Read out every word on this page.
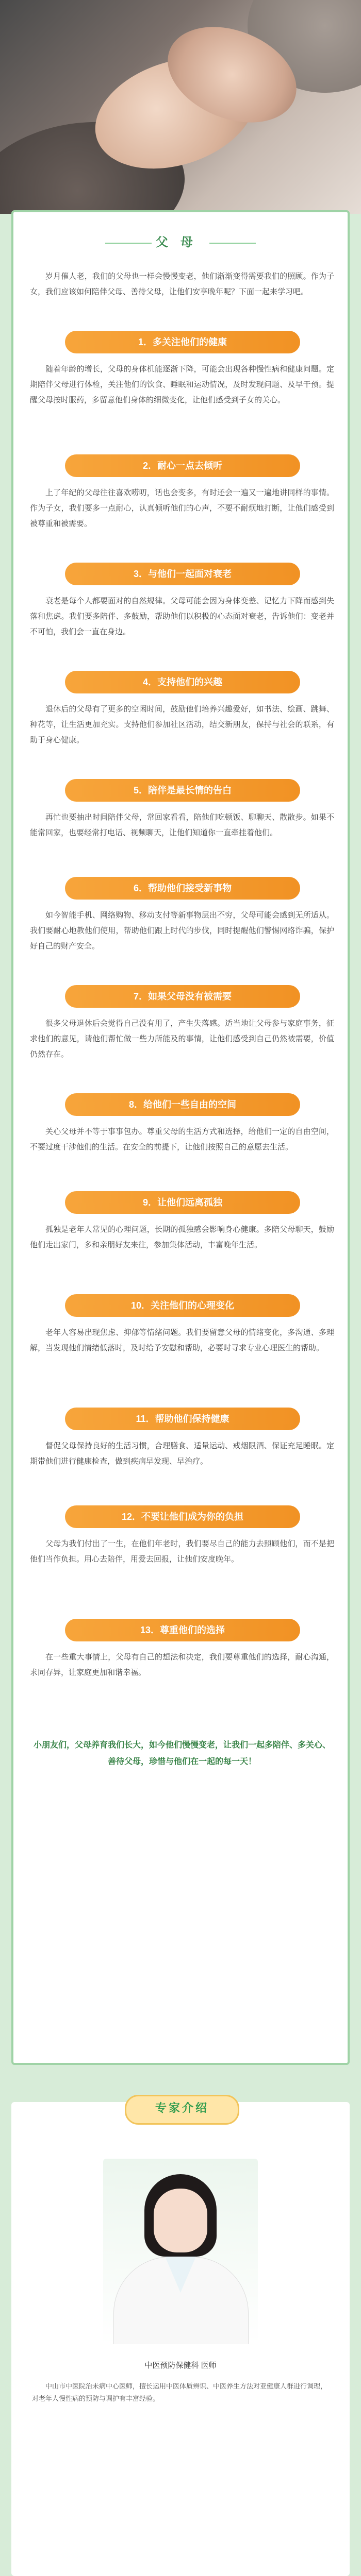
父母
岁月催人老，我们的父母也一样会慢慢变老，他们渐渐变得需要我们的照顾。作为子女，我们应该如何陪伴父母、善待父母，让他们安享晚年呢？下面一起来学习吧。
1．多关注他们的健康
随着年龄的增长，父母的身体机能逐渐下降，可能会出现各种慢性病和健康问题。定期陪伴父母进行体检，关注他们的饮食、睡眠和运动情况，及时发现问题、及早干预。提醒父母按时服药，多留意他们身体的细微变化，让他们感受到子女的关心。
2．耐心一点去倾听
上了年纪的父母往往喜欢唠叨，话也会变多，有时还会一遍又一遍地讲同样的事情。作为子女，我们要多一点耐心，认真倾听他们的心声，不要不耐烦地打断，让他们感受到被尊重和被需要。
3．与他们一起面对衰老
衰老是每个人都要面对的自然规律。父母可能会因为身体变差、记忆力下降而感到失落和焦虑。我们要多陪伴、多鼓励，帮助他们以积极的心态面对衰老，告诉他们：变老并不可怕，我们会一直在身边。
4．支持他们的兴趣
退休后的父母有了更多的空闲时间，鼓励他们培养兴趣爱好，如书法、绘画、跳舞、种花等，让生活更加充实。支持他们参加社区活动，结交新朋友，保持与社会的联系，有助于身心健康。
5．陪伴是最长情的告白
再忙也要抽出时间陪伴父母，常回家看看，陪他们吃顿饭、聊聊天、散散步。如果不能常回家，也要经常打电话、视频聊天，让他们知道你一直牵挂着他们。
6．帮助他们接受新事物
如今智能手机、网络购物、移动支付等新事物层出不穷，父母可能会感到无所适从。我们要耐心地教他们使用，帮助他们跟上时代的步伐，同时提醒他们警惕网络诈骗，保护好自己的财产安全。
7．如果父母没有被需要
很多父母退休后会觉得自己没有用了，产生失落感。适当地让父母参与家庭事务，征求他们的意见，请他们帮忙做一些力所能及的事情，让他们感受到自己仍然被需要，价值仍然存在。
8．给他们一些自由的空间
关心父母并不等于事事包办。尊重父母的生活方式和选择，给他们一定的自由空间，不要过度干涉他们的生活。在安全的前提下，让他们按照自己的意愿去生活。
9．让他们远离孤独
孤独是老年人常见的心理问题，长期的孤独感会影响身心健康。多陪父母聊天，鼓励他们走出家门，多和亲朋好友来往，参加集体活动，丰富晚年生活。
10．关注他们的心理变化
老年人容易出现焦虑、抑郁等情绪问题。我们要留意父母的情绪变化，多沟通、多理解，当发现他们情绪低落时，及时给予安慰和帮助，必要时寻求专业心理医生的帮助。
11．帮助他们保持健康
督促父母保持良好的生活习惯，合理膳食、适量运动、戒烟限酒、保证充足睡眠。定期带他们进行健康检查，做到疾病早发现、早治疗。
12．不要让他们成为你的负担
父母为我们付出了一生，在他们年老时，我们要尽自己的能力去照顾他们，而不是把他们当作负担。用心去陪伴，用爱去回报，让他们安度晚年。
13．尊重他们的选择
在一些重大事情上，父母有自己的想法和决定，我们要尊重他们的选择，耐心沟通，求同存异，让家庭更加和谐幸福。
小朋友们，父母养育我们长大，如今他们慢慢变老，让我们一起多陪伴、多关心、善待父母，珍惜与他们在一起的每一天！
专家介绍
中医预防保健科 医师
中山市中医院治未病中心医师，擅长运用中医体质辨识、中医养生方法对亚健康人群进行调理，对老年人慢性病的预防与调护有丰富经验。
